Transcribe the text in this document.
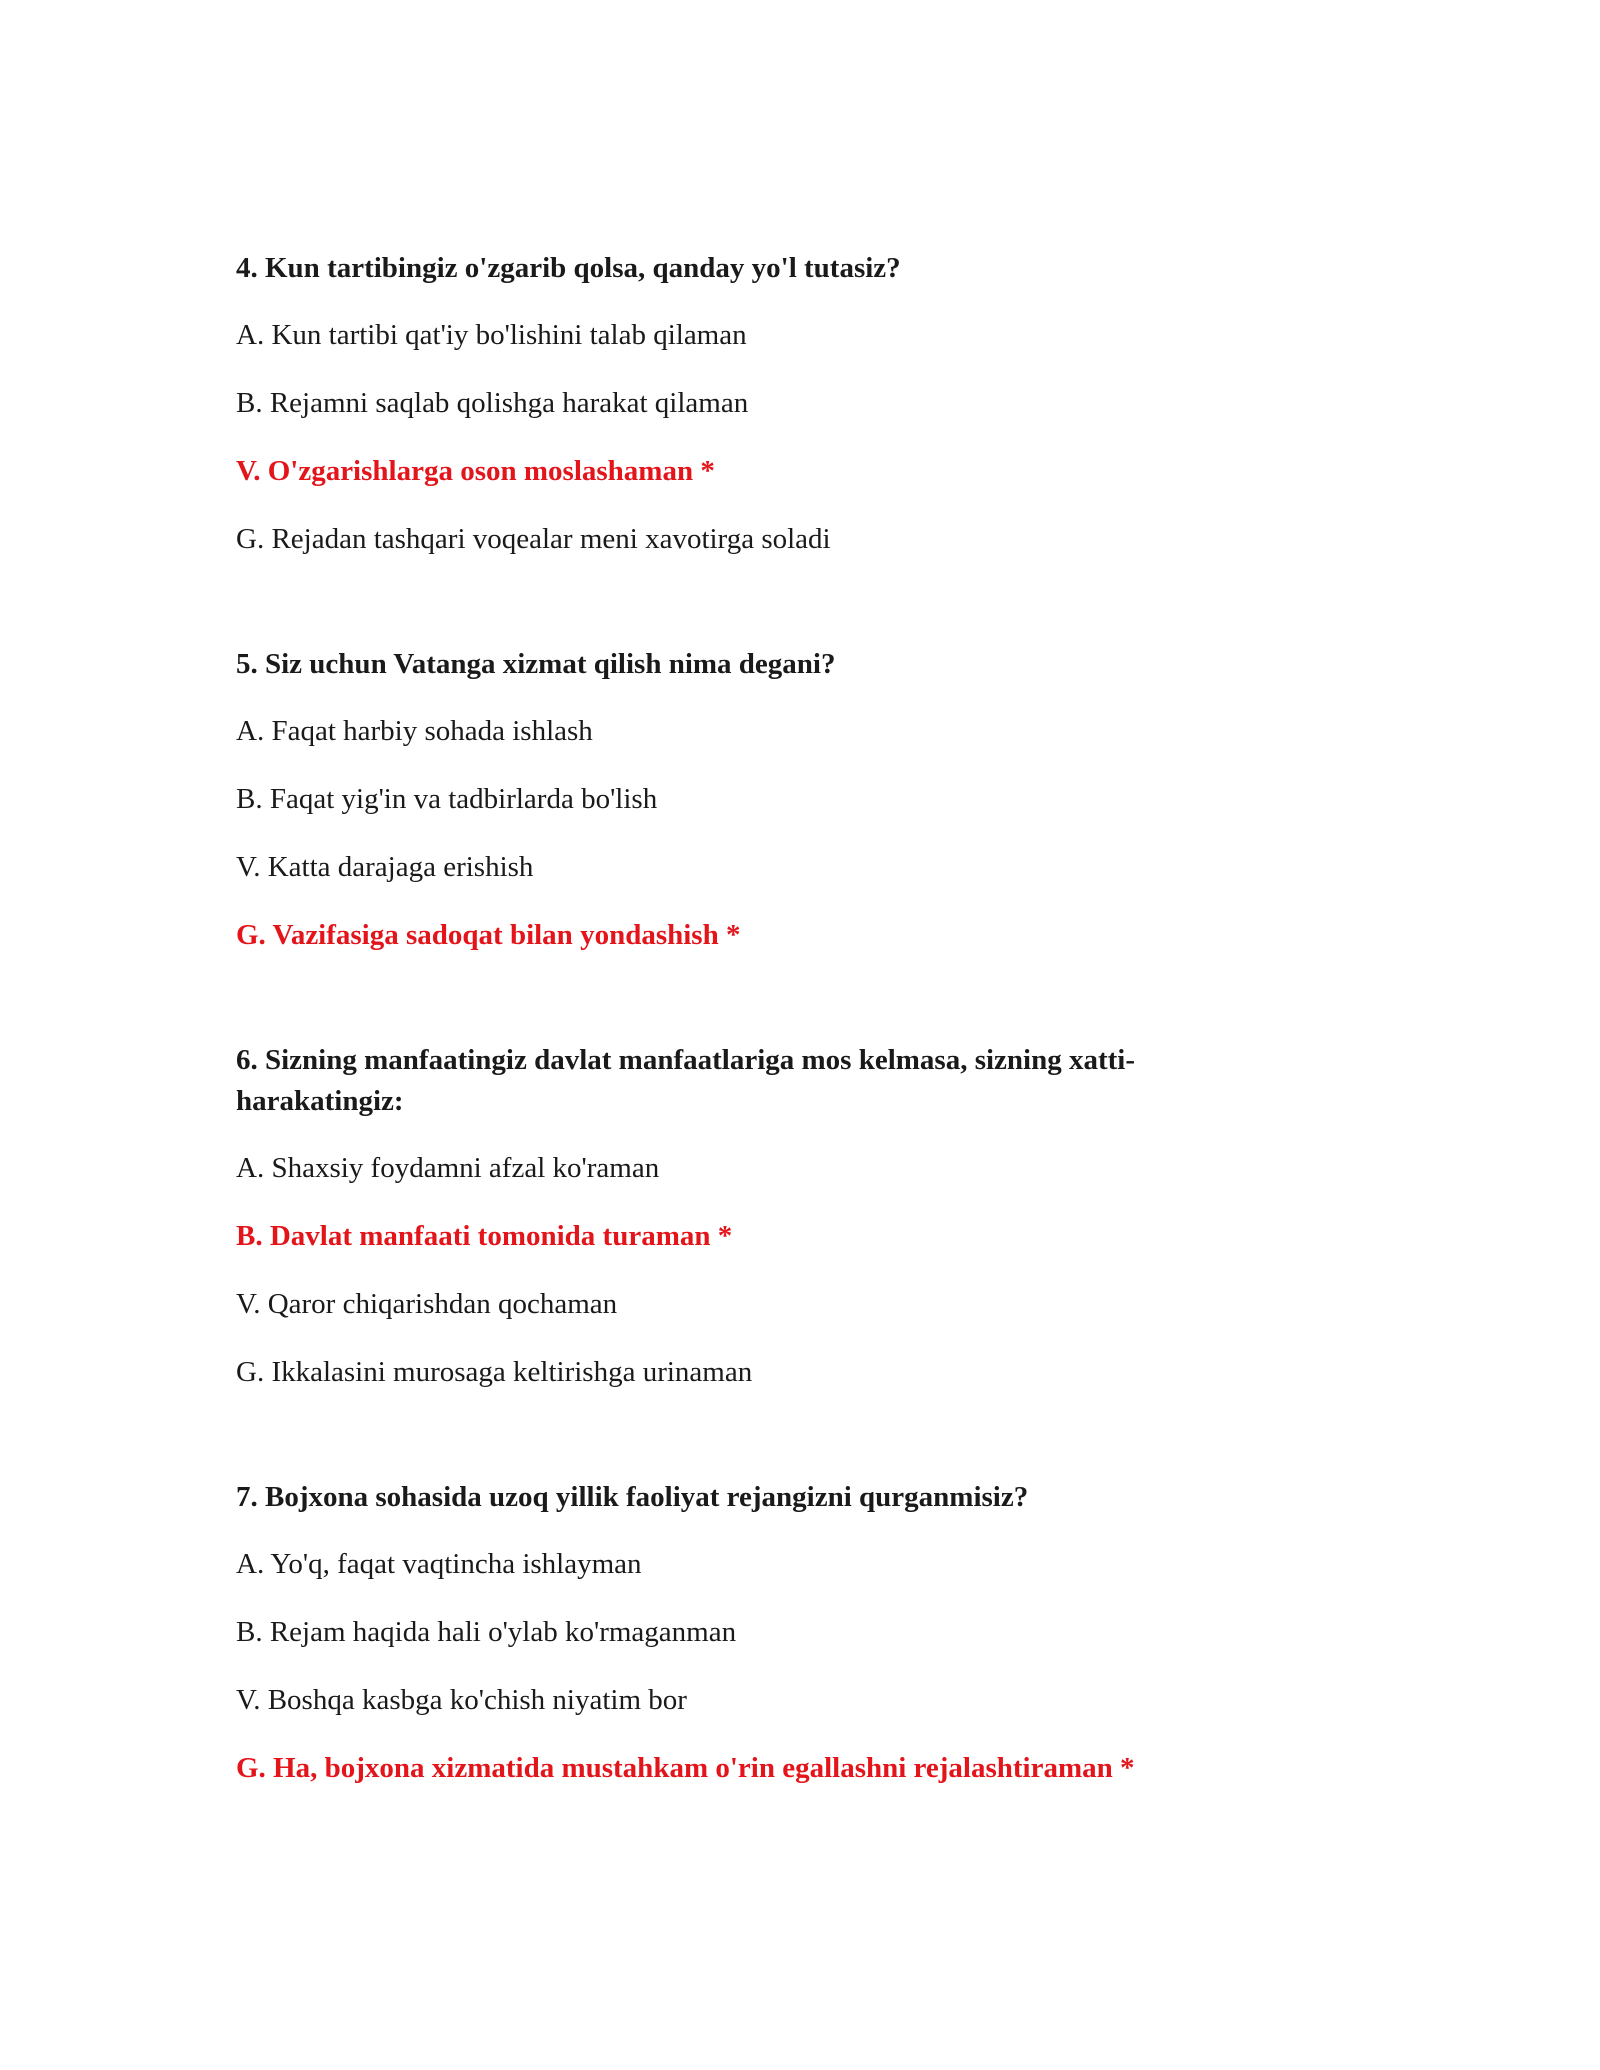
4. Kun tartibingiz o'zgarib qolsa, qanday yo'l tutasiz?
A. Kun tartibi qat'iy bo'lishini talab qilaman
B. Rejamni saqlab qolishga harakat qilaman
V. O'zgarishlarga oson moslashaman *
G. Rejadan tashqari voqealar meni xavotirga soladi
5. Siz uchun Vatanga xizmat qilish nima degani?
A. Faqat harbiy sohada ishlash
B. Faqat yig'in va tadbirlarda bo'lish
V. Katta darajaga erishish
G. Vazifasiga sadoqat bilan yondashish *
6. Sizning manfaatingiz davlat manfaatlariga mos kelmasa, sizning xatti-harakatingiz:
A. Shaxsiy foydamni afzal ko'raman
B. Davlat manfaati tomonida turaman *
V. Qaror chiqarishdan qochaman
G. Ikkalasini murosaga keltirishga urinaman
7. Bojxona sohasida uzoq yillik faoliyat rejangizni qurganmisiz?
A. Yo'q, faqat vaqtincha ishlayman
B. Rejam haqida hali o'ylab ko'rmaganman
V. Boshqa kasbga ko'chish niyatim bor
G. Ha, bojxona xizmatida mustahkam o'rin egallashni rejalashtiraman *
